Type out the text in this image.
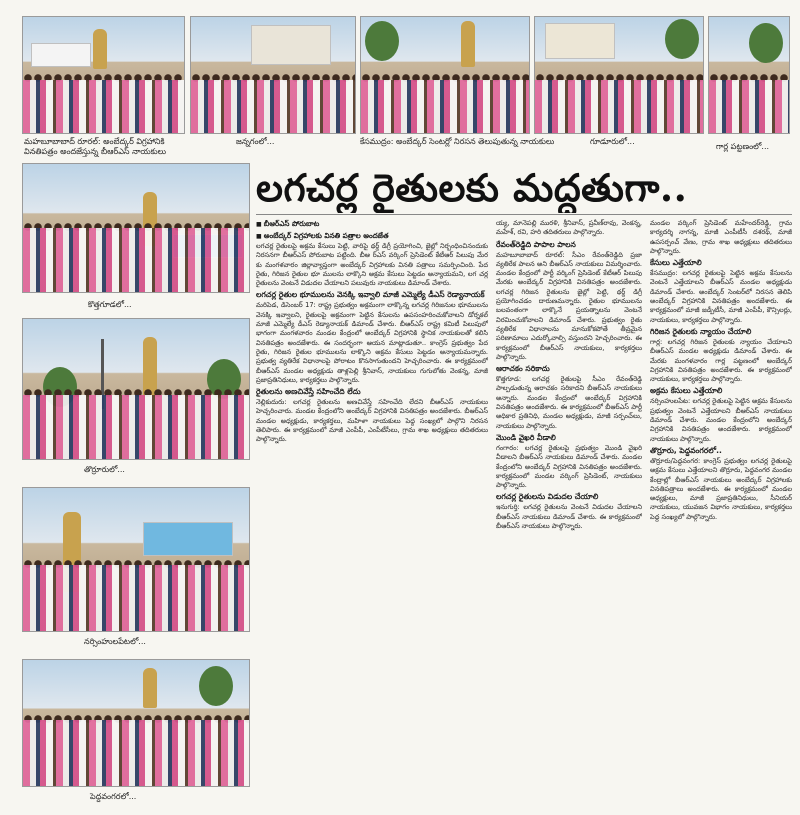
మహబూబాబాద్ రూరల్: అంబేద్కర్ విగ్రహానికి
వినతిపత్రం అందజేస్తున్న బీఆర్ఎస్ నాయకులు
జన్నగంలో...	కేసముద్రం: అంబేద్కర్ సెంటర్లో నిరసన తెలుపుతున్న నాయకులు	గూడూరులో...
గార్ల పట్టణంలో...
కొత్తగూడలో...
తొర్రూరులో...
నర్సింహులపేటలో...
పెద్దవంగరలో...
లగచర్ల రైతులకు మద్దతుగా..
■ బీఆర్ఎస్ పోరుబాట
■ అంబేద్కర్ విగ్రహాలకు వినతి పత్రాల అందజేత

లగచర్ల రైతులపై అక్రమ కేసులు పెట్టి, వారిపై థర్డ్ డిగ్రీ ప్రయోగించి, జైల్లో నిర్బంధించినందుకు నిరసనగా బీఆర్ఎస్ పోరుబాట పట్టింది. బీఆ ర్ఎస్ వర్కింగ్ ప్రెసిడెంట్ కేటీఆర్ పిలుపు మేర కు మంగళవారం జిల్లావ్యాప్తంగా అంబేద్కర్ విగ్రహాలకు వినతి పత్రాలు సమర్పించింది. పేద రైతు, గిరిజన రైతుల భూ ములను లాక్కొని అక్రమ కేసులు పెట్టడం అన్యాయమని, లగ చర్ల రైతులను వెంటనే విడుదల చేయాలని పలువురు నాయకులు డిమాండ్ చేశారు.

లగచర్ల రైతుల భూములను వెనక్కి ఇవ్వాలి మాజీ ఎమ్మెల్యే డీఎస్ రెడ్యానాయక్

మరిపెడ, డిసెంబర్ 17: రాష్ట్ర ప్రభుత్వం అక్రమంగా లాక్కొన్న లగచర్ల గిరిజనుల భూములను వెనక్కి ఇవ్వాలని, రైతులపై అక్రమంగా పెట్టిన కేసులను ఉపసంహరించుకోవాలని డోర్నకల్ మాజీ ఎమ్మెల్యే డీఎస్ రెడ్యానాయక్ డిమాండ్ చేశారు. బీఆర్ఎస్ రాష్ట్ర కమిటీ పిలుపులో భాగంగా మంగళవారం మండల కేంద్రంలో అంబేద్కర్ విగ్రహానికి స్థానిక నాయకులతో కలిసి వినతిపత్రం అందజేశారు. ఈ సందర్భంగా ఆయన మాట్లాడుతూ.. కాంగ్రెస్ ప్రభుత్వం పేద రైతు, గిరిజన రైతుల భూములను లాక్కొని అక్రమ కేసులు పెట్టడం అన్యాయమన్నారు. ప్రభుత్వ వ్యతిరేక విధానాలపై పోరాటం కొనసాగుతుందని హెచ్చరించారు. ఈ కార్యక్రమంలో బీఆర్ఎస్ మండల అధ్యక్షుడు తాళ్లపెల్లి శ్రీనివాస్, నాయకులు గుగులోతు వెంకన్న, మాజీ ప్రజాప్రతినిధులు, కార్యకర్తలు పాల్గొన్నారు.

రైతులను అణచివేస్తే సహించేది లేదు

నెల్లికుదురు: లగచర్ల రైతులను అణచివేస్తే సహించేది లేదని బీఆర్ఎస్ నాయకులు హెచ్చరించారు. మండల కేంద్రంలోని అంబేద్కర్ విగ్రహానికి వినతిపత్రం అందజేశారు. బీఆర్ఎస్ మండల అధ్యక్షుడు, కార్యకర్తలు, మహిళా నాయకులు పెద్ద సంఖ్యలో పాల్గొని నిరసన తెలిపారు. ఈ కార్యక్రమంలో మాజీ ఎంపీపీ, ఎంపీటీసీలు, గ్రామ శాఖ అధ్యక్షులు తదితరులు పాల్గొన్నారు.

య్య, మానెపల్లి మురళి, శ్రీనివాస్, ప్రవీణ్‌రావు, వెంకన్న, మహేశ్, రవి, హరి తదితరులు పాల్గొన్నారు.

రేవంత్‌రెడ్డిది పాపాల పాలన

మహబూబాబాద్ రూరల్: సీఎం రేవంత్‌రెడ్డిది ప్రజా వ్యతిరేక పాలన అని బీఆర్ఎస్ నాయకులు విమర్శించారు. మండల కేంద్రంలో పార్టీ వర్కింగ్ ప్రెసిడెంట్ కేటీఆర్ పిలుపు మేరకు అంబేద్కర్ విగ్రహానికి వినతిపత్రం అందజేశారు. లగచర్ల గిరిజన రైతులను జైల్లో పెట్టి, థర్డ్ డిగ్రీ ప్రయోగించడం దారుణమన్నారు. రైతుల భూములను బలవంతంగా లాక్కొనే ప్రయత్నాలను వెంటనే విరమించుకోవాలని డిమాండ్ చేశారు. ప్రభుత్వం రైతు వ్యతిరేక విధానాలను మానుకోకపోతే తీవ్రమైన పరిణామాలు ఎదుర్కోవాల్సి వస్తుందని హెచ్చరించారు. ఈ కార్యక్రమంలో బీఆర్ఎస్ నాయకులు, కార్యకర్తలు పాల్గొన్నారు.

ఆరాచకం సరికాదు

కొత్తగూడ: లగచర్ల రైతులపై సీఎం రేవంత్‌రెడ్డి పాల్పడుతున్న ఆరాచకం సరికాదని బీఆర్ఎస్ నాయకులు అన్నారు. మండల కేంద్రంలో అంబేద్కర్ విగ్రహానికి వినతిపత్రం అందజేశారు. ఈ కార్యక్రమంలో బీఆర్ఎస్ పార్టీ అధికార ప్రతినిధి, మండల అధ్యక్షుడు, మాజీ సర్పంచ్‌లు, నాయకులు పాల్గొన్నారు.

మొండి వైఖరి వీడాలి

గంగారం: లగచర్ల రైతులపై ప్రభుత్వం మొండి వైఖరి వీడాలని బీఆర్ఎస్ నాయకులు డిమాండ్ చేశారు. మండల కేంద్రంలోని అంబేద్కర్ విగ్రహానికి వినతిపత్రం అందజేశారు. కార్యక్రమంలో మండల వర్కింగ్ ప్రెసిడెంట్, నాయకులు పాల్గొన్నారు.

లగచర్ల రైతులను విడుదల చేయాలి

ఇనుగుర్తి: లగచర్ల రైతులను వెంటనే విడుదల చేయాలని బీఆర్ఎస్ నాయకులు డిమాండ్ చేశారు. ఈ కార్యక్రమంలో బీఆర్ఎస్ నాయకులు పాల్గొన్నారు.

మండల వర్కింగ్ ప్రెసిడెంట్ మహేందర్‌రెడ్డి, గ్రామ కార్యదర్శి నాగన్న, మాజీ ఎంపీటీసీ దశరథ్, మాజీ ఉపసర్పంచ్ వేణు, గ్రామ శాఖ అధ్యక్షులు తదితరులు పాల్గొన్నారు.

కేసులు ఎత్తేయాలి

కేసముద్రం: లగచర్ల రైతులపై పెట్టిన అక్రమ కేసులను వెంటనే ఎత్తేయాలని బీఆర్ఎస్ మండల అధ్యక్షుడు డిమాండ్ చేశారు. అంబేద్కర్ సెంటర్‌లో నిరసన తెలిపి అంబేద్కర్ విగ్రహానికి వినతిపత్రం అందజేశారు. ఈ కార్యక్రమంలో మాజీ జడ్పీటీసీ, మాజీ ఎంపీపీ, కౌన్సిలర్లు, నాయకులు, కార్యకర్తలు పాల్గొన్నారు.

గిరిజన రైతులకు న్యాయం చేయాలి

గార్ల: లగచర్ల గిరిజన రైతులకు న్యాయం చేయాలని బీఆర్ఎస్ మండల అధ్యక్షుడు డిమాండ్ చేశారు. ఈ మేరకు మంగళవారం గార్ల పట్టణంలో అంబేద్కర్ విగ్రహానికి వినతిపత్రం అందజేశారు. ఈ కార్యక్రమంలో నాయకులు, కార్యకర్తలు పాల్గొన్నారు.

అక్రమ కేసులు ఎత్తేయాలి

నర్సింహులపేట: లగచర్ల రైతులపై పెట్టిన అక్రమ కేసులను ప్రభుత్వం వెంటనే ఎత్తేయాలని బీఆర్ఎస్ నాయకులు డిమాండ్ చేశారు. మండల కేంద్రంలోని అంబేద్కర్ విగ్రహానికి వినతిపత్రం అందజేశారు. కార్యక్రమంలో నాయకులు పాల్గొన్నారు.

తొర్రూరు, పెద్దవంగరలో..

తొర్రూరు/పెద్దవంగర: కాంగ్రెస్ ప్రభుత్వం లగచర్ల రైతులపై అక్రమ కేసులు ఎత్తేయాలని తొర్రూరు, పెద్దవంగర మండల కేంద్రాల్లో బీఆర్ఎస్ నాయకులు అంబేద్కర్ విగ్రహాలకు వినతిపత్రాలు అందజేశారు. ఈ కార్యక్రమంలో మండల అధ్యక్షులు, మాజీ ప్రజాప్రతినిధులు, సీనియర్ నాయకులు, యువజన విభాగం నాయకులు, కార్యకర్తలు పెద్ద సంఖ్యలో పాల్గొన్నారు.
